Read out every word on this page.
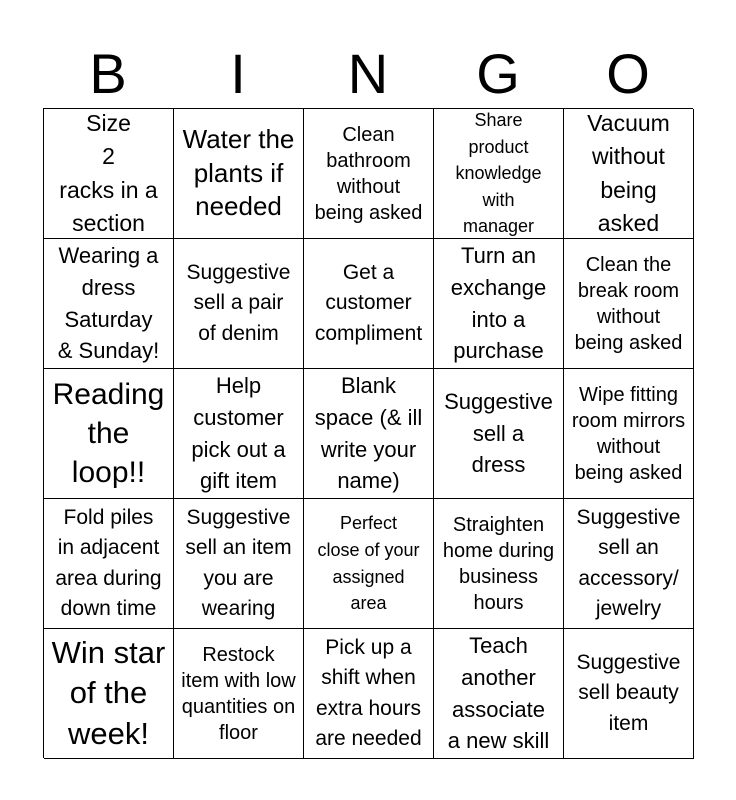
B	I	N	G	O
Size
2
racks in a
section
Water the
plants if
needed
Clean
bathroom
without
being asked
Share
product
knowledge
with
manager
Vacuum
without
being
asked
Wearing a
dress
Saturday
& Sunday!
Suggestive
sell a pair
of denim
Get a
customer
compliment
Turn an
exchange
into a
purchase
Clean the
break room
without
being asked
Reading
the
loop!!
Help
customer
pick out a
gift item
Blank
space (& ill
write your
name)
Suggestive
sell a
dress
Wipe fitting
room mirrors
without
being asked
Fold piles
in adjacent
area during
down time
Suggestive
sell an item
you are
wearing
Perfect
close of your
assigned
area
Straighten
home during
business
hours
Suggestive
sell an
accessory/
jewelry
Win star
of the
week!
Restock
item with low
quantities on
floor
Pick up a
shift when
extra hours
are needed
Teach
another
associate
a new skill
Suggestive
sell beauty
item
